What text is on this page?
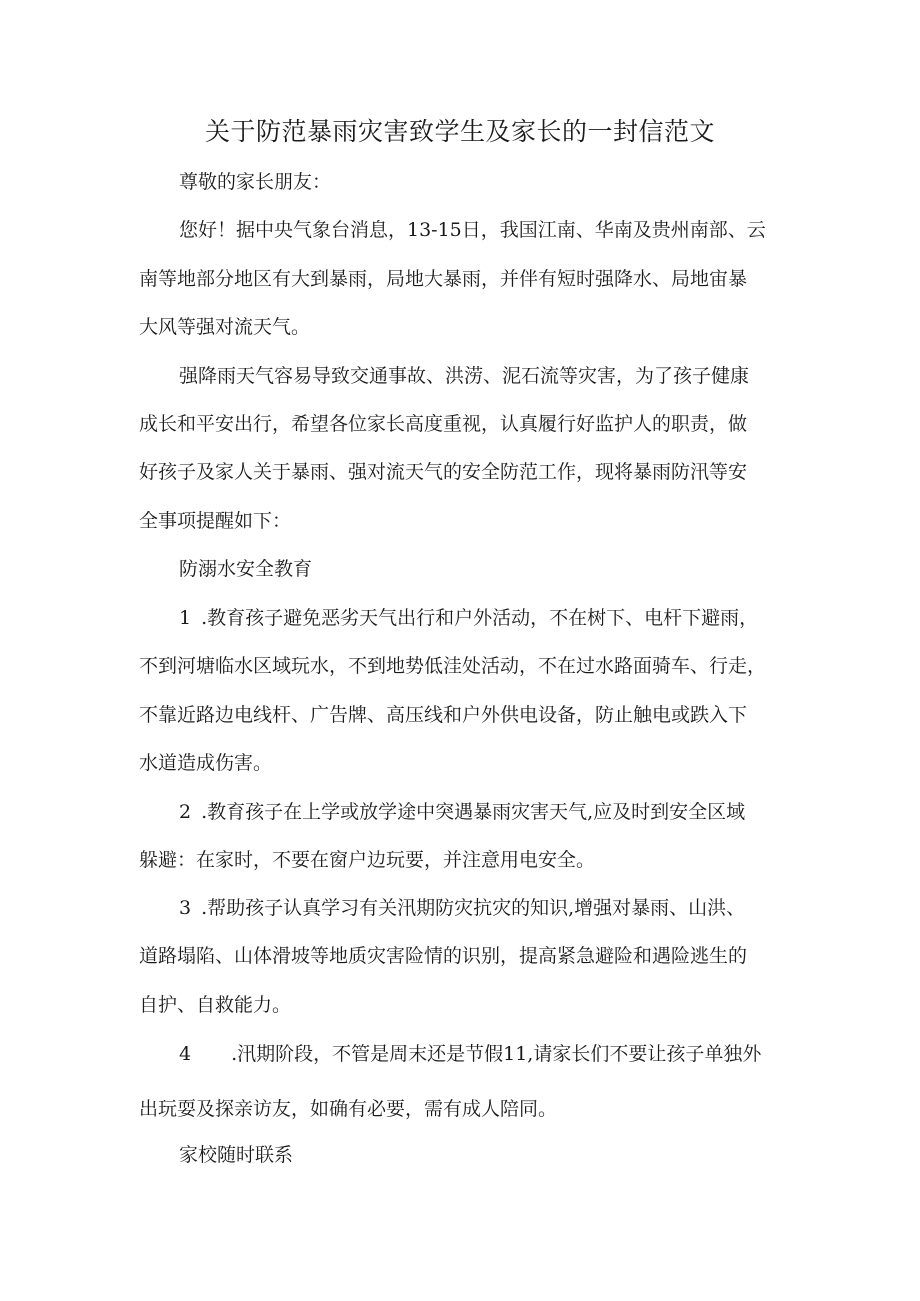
关于防范暴雨灾害致学生及家长的一封信范文
尊敬的家长朋友：
您好！据中央气象台消息，13-15日，我国江南、华南及贵州南部、云
南等地部分地区有大到暴雨，局地大暴雨，并伴有短时强降水、局地宙暴
大风等强对流天气。
强降雨天气容易导致交通事故、洪涝、泥石流等灾害，为了孩子健康
成长和平安出行，希望各位家长高度重视，认真履行好监护人的职责，做
好孩子及家人关于暴雨、强对流天气的安全防范工作，现将暴雨防汛等安
全事项提醒如下：
防溺水安全教育
1 .教育孩子避免恶劣天气出行和户外活动，不在树下、电杆下避雨，
不到河塘临水区域玩水，不到地势低洼处活动，不在过水路面骑车、行走，
不靠近路边电线杆、广告牌、高压线和户外供电设备，防止触电或跌入下
水道造成伤害。
2 .教育孩子在上学或放学途中突遇暴雨灾害天气,应及时到安全区域
躲避：在家时，不要在窗户边玩要，并注意用电安全。
3 .帮助孩子认真学习有关汛期防灾抗灾的知识,增强对暴雨、山洪、
道路塌陷、山体滑坡等地质灾害险情的识别，提高紧急避险和遇险逃生的
自护、自救能力。
4 .汛期阶段，不管是周末还是节假11,请家长们不要让孩子单独外
出玩耍及探亲访友，如确有必要，需有成人陪同。
家校随时联系
